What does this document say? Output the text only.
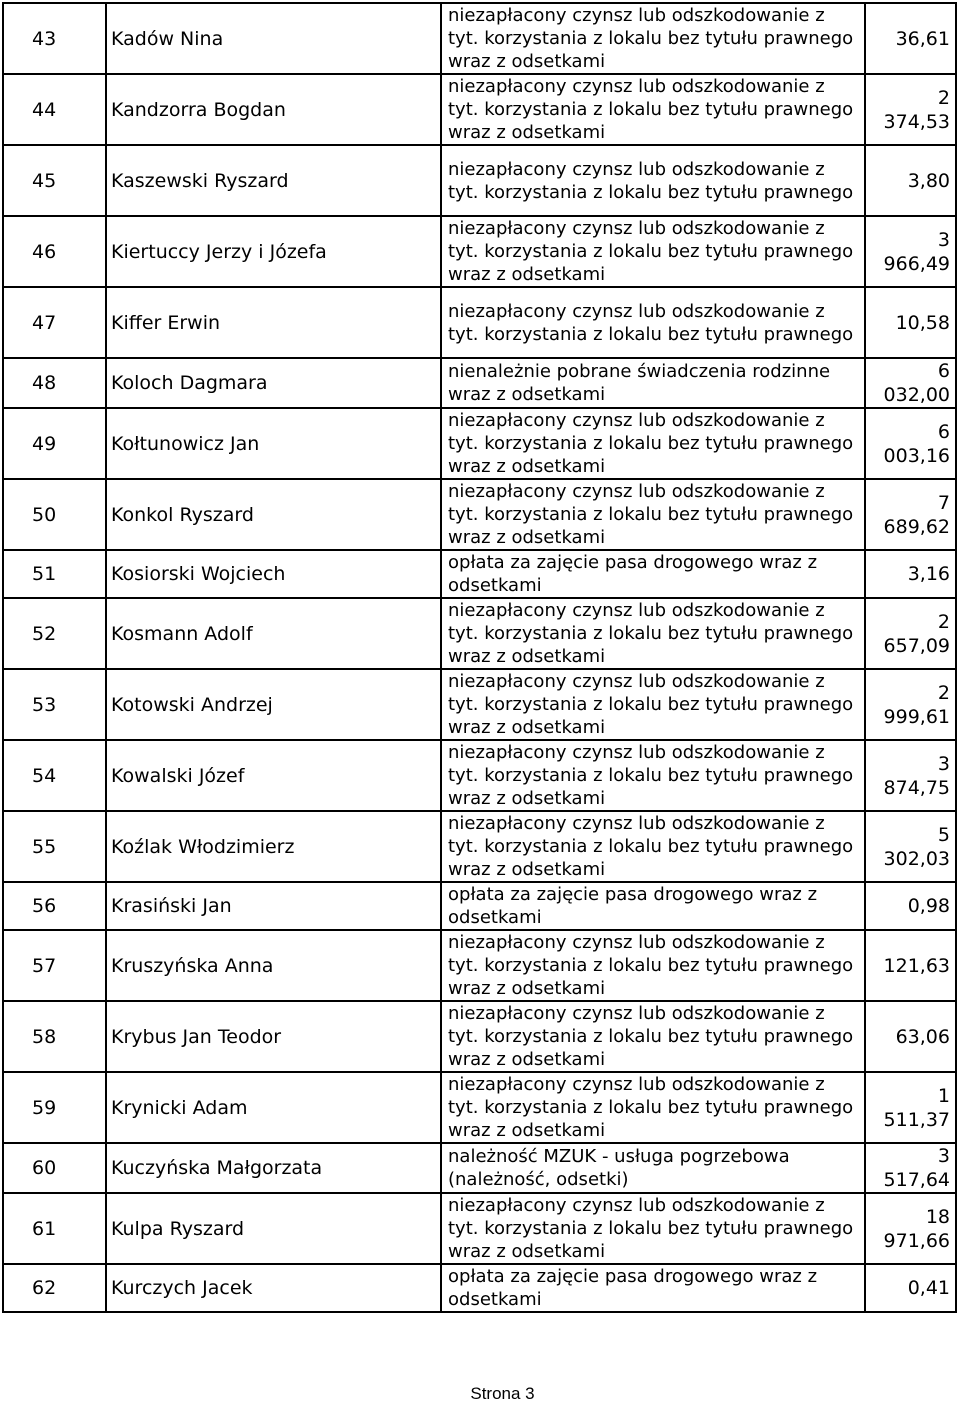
43	Kadów Nina	niezapłacony czynsz lub odszkodowanie z tyt. korzystania z lokalu bez tytułu prawnego wraz z odsetkami	36,61
44	Kandzorra Bogdan	niezapłacony czynsz lub odszkodowanie z tyt. korzystania z lokalu bez tytułu prawnego wraz z odsetkami	2 374,53
45	Kaszewski Ryszard	niezapłacony czynsz lub odszkodowanie z tyt. korzystania z lokalu bez tytułu prawnego	3,80
46	Kiertuccy Jerzy i Józefa	niezapłacony czynsz lub odszkodowanie z tyt. korzystania z lokalu bez tytułu prawnego wraz z odsetkami	3 966,49
47	Kiffer Erwin	niezapłacony czynsz lub odszkodowanie z tyt. korzystania z lokalu bez tytułu prawnego	10,58
48	Koloch Dagmara	nienależnie pobrane świadczenia rodzinne wraz z odsetkami	6 032,00
49	Kołtunowicz Jan	niezapłacony czynsz lub odszkodowanie z tyt. korzystania z lokalu bez tytułu prawnego wraz z odsetkami	6 003,16
50	Konkol Ryszard	niezapłacony czynsz lub odszkodowanie z tyt. korzystania z lokalu bez tytułu prawnego wraz z odsetkami	7 689,62
51	Kosiorski Wojciech	opłata za zajęcie pasa drogowego wraz z odsetkami	3,16
52	Kosmann Adolf	niezapłacony czynsz lub odszkodowanie z tyt. korzystania z lokalu bez tytułu prawnego wraz z odsetkami	2 657,09
53	Kotowski Andrzej	niezapłacony czynsz lub odszkodowanie z tyt. korzystania z lokalu bez tytułu prawnego wraz z odsetkami	2 999,61
54	Kowalski Józef	niezapłacony czynsz lub odszkodowanie z tyt. korzystania z lokalu bez tytułu prawnego wraz z odsetkami	3 874,75
55	Koźlak Włodzimierz	niezapłacony czynsz lub odszkodowanie z tyt. korzystania z lokalu bez tytułu prawnego wraz z odsetkami	5 302,03
56	Krasiński Jan	opłata za zajęcie pasa drogowego wraz z odsetkami	0,98
57	Kruszyńska Anna	niezapłacony czynsz lub odszkodowanie z tyt. korzystania z lokalu bez tytułu prawnego wraz z odsetkami	121,63
58	Krybus Jan Teodor	niezapłacony czynsz lub odszkodowanie z tyt. korzystania z lokalu bez tytułu prawnego wraz z odsetkami	63,06
59	Krynicki Adam	niezapłacony czynsz lub odszkodowanie z tyt. korzystania z lokalu bez tytułu prawnego wraz z odsetkami	1 511,37
60	Kuczyńska Małgorzata	należność MZUK - usługa pogrzebowa (należność, odsetki)	3 517,64
61	Kulpa Ryszard	niezapłacony czynsz lub odszkodowanie z tyt. korzystania z lokalu bez tytułu prawnego wraz z odsetkami	18 971,66
62	Kurczych Jacek	opłata za zajęcie pasa drogowego wraz z odsetkami	0,41
Strona 3
